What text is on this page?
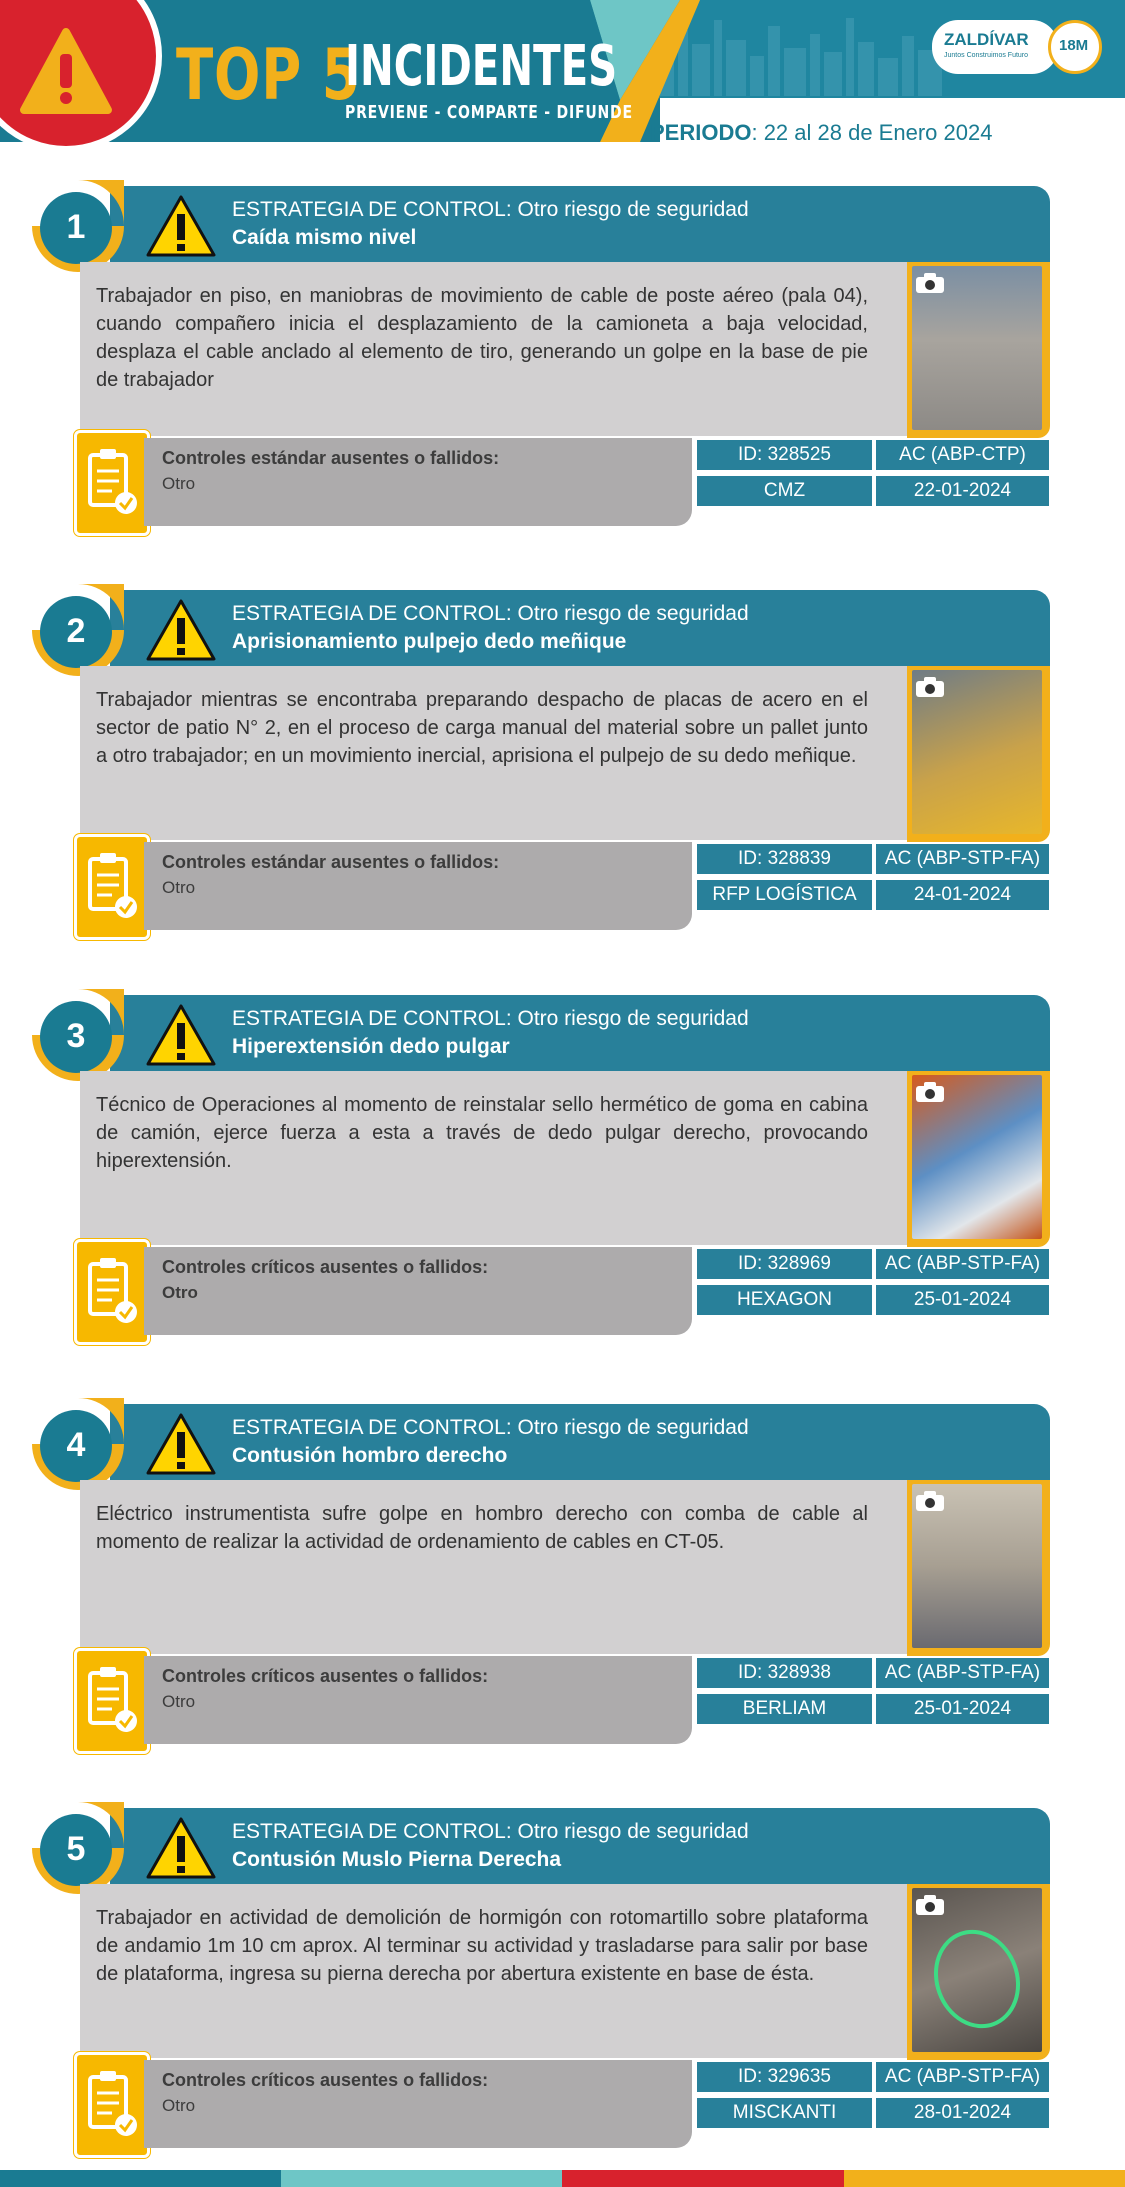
TOP 5
INCIDENTES
PREVIENE - COMPARTE - DIFUNDE
ZALDÍVAR
Juntos Construimos Futuro
18M
PERIODO: 22 al 28 de Enero 2024
1	ESTRATEGIA DE CONTROL: Otro riesgo de seguridad
Caída mismo nivel
Trabajador en piso, en maniobras de movimiento de cable de poste aéreo (pala 04), cuando compañero inicia el desplazamiento de la camioneta a baja velocidad, desplaza el cable anclado al elemento de tiro, generando un golpe en la base de pie de trabajador
Controles estándar ausentes o fallidos:
Otro
ID: 328525	AC (ABP-CTP)
CMZ	22-01-2024
2	ESTRATEGIA DE CONTROL: Otro riesgo de seguridad
Aprisionamiento pulpejo dedo meñique
Trabajador mientras se encontraba preparando despacho de placas de acero en el sector de patio N° 2, en el proceso de carga manual del material sobre un pallet junto a otro trabajador; en un movimiento inercial, aprisiona el pulpejo de su dedo meñique.
Controles estándar ausentes o fallidos:
Otro
ID: 328839	AC (ABP-STP-FA)
RFP LOGÍSTICA	24-01-2024
3	ESTRATEGIA DE CONTROL: Otro riesgo de seguridad
Hiperextensión dedo pulgar
Técnico de Operaciones al momento de reinstalar sello hermético de goma en cabina de camión, ejerce fuerza a esta a través de dedo pulgar derecho, provocando hiperextensión.
Controles críticos ausentes o fallidos:
Otro
ID: 328969	AC (ABP-STP-FA)
HEXAGON	25-01-2024
4	ESTRATEGIA DE CONTROL: Otro riesgo de seguridad
Contusión hombro derecho
Eléctrico instrumentista sufre golpe en hombro derecho con comba de cable al momento de realizar la actividad de ordenamiento de cables en CT-05.
Controles críticos ausentes o fallidos:
Otro
ID: 328938	AC (ABP-STP-FA)
BERLIAM	25-01-2024
5	ESTRATEGIA DE CONTROL: Otro riesgo de seguridad
Contusión Muslo Pierna Derecha
Trabajador en actividad de demolición de hormigón con rotomartillo sobre plataforma de andamio 1m 10 cm aprox. Al terminar su actividad y trasladarse para salir por base de plataforma, ingresa su pierna derecha por abertura existente en base de ésta.
Controles críticos ausentes o fallidos:
Otro
ID: 329635	AC (ABP-STP-FA)
MISCKANTI	28-01-2024
